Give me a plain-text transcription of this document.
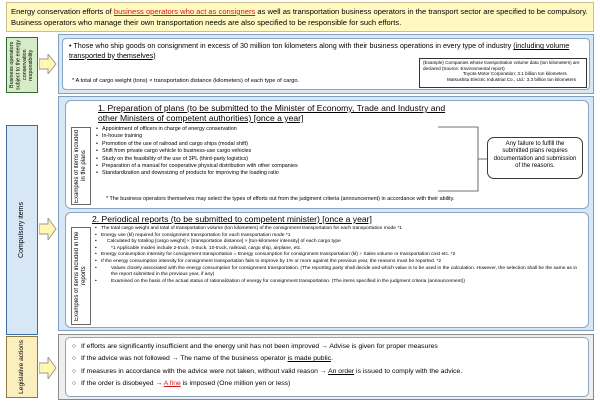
Energy conservation efforts of business operators who act as consigners as well as transportation business operators in the transport sector are specified to be compulsory. Business operators who manage their own transportation needs are also specified to be responsible for such efforts.
Business operators subject to the energy conservation responsibility
• Those who ship goods on consignment in excess of 30 million ton kilometers along with their business operations in every type of industry (including volume transported by themselves)
* A total of cargo weight (tons) × transportation distance (kilometers) of each type of cargo.
(Example) Companies whose transportation volume data (ton kilometers) are declared (Source: Environmental report)
Toyota Motor Corporation: 3.1 billion ton kilometers
Matsushita Electric Industrial Co., Ltd.: 3.3 billion ton kilometers
Compulsory items
1. Preparation of plans (to be submitted to the Minister of Economy, Trade and Industry and other Ministers of competent authorities) [once a year]
Examples of items included in the plans
• Appointment of officers in charge of energy conservation
• In-house training
• Promotion of the use of railroad and cargo ships (modal shift)
• Shift from private cargo vehicle to business-use cargo vehicles
• Study on the feasibility of the use of 3PL (third-party logistics)
• Preparation of a manual for cooperative physical distribution with other companies
• Standardization and downsizing of products for improving the loading ratio
* The business operators themselves may select the types of efforts out from the judgment criteria (announcement) in accordance with their ability.
Any failure to fulfill the submitted plans requires documentation and submission of the reasons.
2. Periodical reports (to be submitted to competent minister) [once a year]
Examples of items included in the reports
• The total cargo weight and total of transportation volume (ton kilometers) of the consignment transportation for each transportation mode *1
• Energy use (kl) required for consignment transportation for each transportation mode *1
• Calculated by totaling [cargo weight] × [transportation distance] × [ton-kilometer intensity] of each cargo type
• *1 Applicable modes include 2-truck, 4-truck, 10-truck, railroad, cargo ship, airplane, etc.
• Energy consumption intensity for consignment transportation = Energy consumption for consignment transportation (kl) ÷ Sales volume or transportation cost etc. *2
• If the energy consumption intensity for consignment transportation fails to improve by 1% or more against the previous year, the reasons must be reported. *2
• Values closely associated with the energy consumption for consignment transportation. (The reporting party shall decide and which value is to be used in the calculation. However, the selection shall be the same as in the report submitted in the previous year, if any)
• Examined on the basis of the actual status of rationalization of energy for consignment transportation. (The items specified in the judgment criteria (announcement))
Legislative actions	○ If efforts are significantly insufficient and the energy unit has not been improved → Advise is given for proper measures
○ If the advice was not followed → The name of the business operator is made public.
○ If measures in accordance with the advice were not taken, without valid reason → An order is issued to comply with the advice.
○ If the order is disobeyed → A fine is imposed (One million yen or less)
